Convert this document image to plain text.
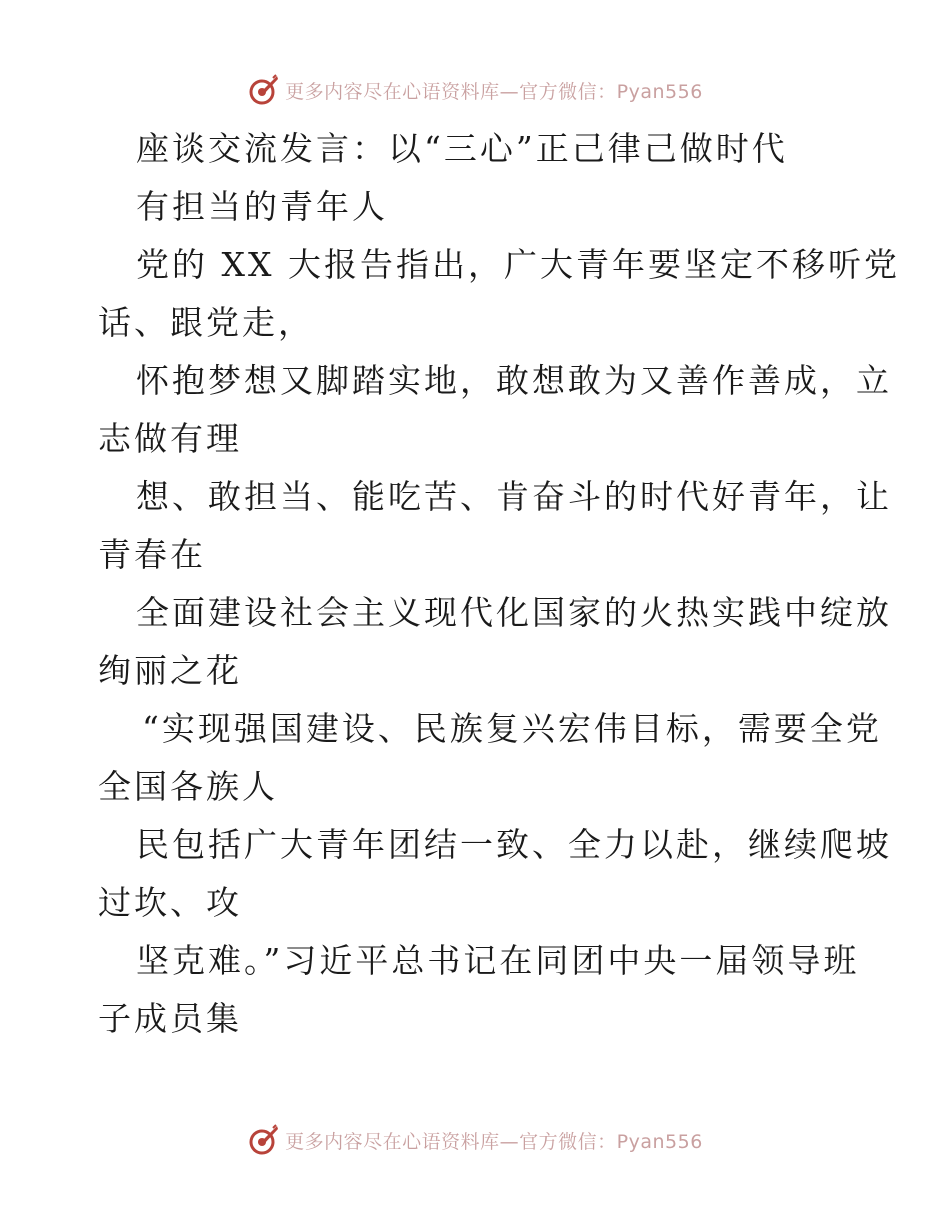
更多内容尽在心语资料库—官方微信：Pyan556
座谈交流发言：以“三心”正己律己做时代
有担当的青年人
党的 XX 大报告指出，广大青年要坚定不移听党
话、跟党走，
怀抱梦想又脚踏实地，敢想敢为又善作善成，立
志做有理
想、敢担当、能吃苦、肯奋斗的时代好青年，让
青春在
全面建设社会主义现代化国家的火热实践中绽放
绚丽之花
“实现强国建设、民族复兴宏伟目标，需要全党
全国各族人
民包括广大青年团结一致、全力以赴，继续爬坡
过坎、攻
坚克难。”习近平总书记在同团中央一届领导班
子成员集
更多内容尽在心语资料库—官方微信：Pyan556
